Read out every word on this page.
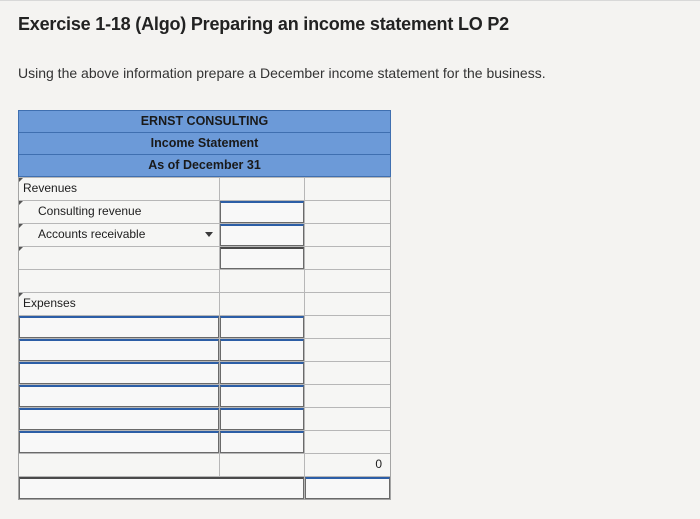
Exercise 1-18 (Algo) Preparing an income statement LO P2
Using the above information prepare a December income statement for the business.
ERNST CONSULTING
Income Statement
As of December 31
Revenues
Consulting revenue
Accounts receivable
Expenses
0
